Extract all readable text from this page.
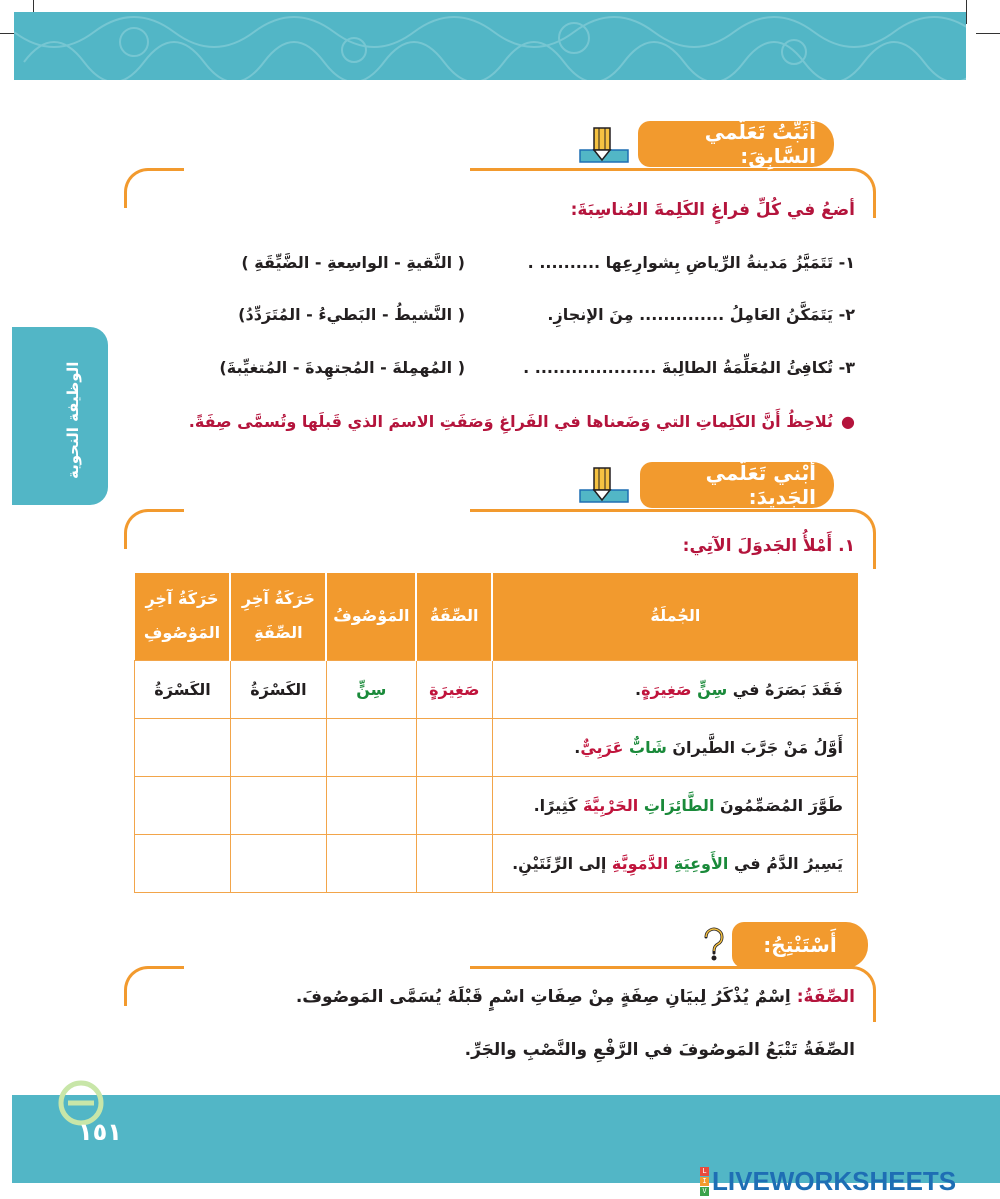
الوظيفة النحوية
أُثَبِّتُ تَعَلُّمي السَّابِقَ:
أضعُ في كُلِّ فراغٍ الكَلِمةَ المُناسِبَةَ:
١- تَتَمَيَّزُ مَدينةُ الرِّياضِ بِشوارِعِها .......... .
( النَّقيةِ - الواسِعةِ - الضَّيِّقَةِ )
٢- يَتَمَكَّنُ العَامِلُ .............. مِنَ الإنجازِ.
( النَّشيطُ - البَطيءُ - المُتَرَدِّدُ)
٣- تُكافِئُ المُعَلِّمَةُ الطالِبةَ .................... .
( المُهمِلةَ - المُجتهِدةَ - المُتغيِّبةَ)
●نُلاحِظُ أَنَّ الكَلِماتِ التي وَضَعناها في الفَراغِ وَصَفَتِ الاسمَ الذي قَبلَها وتُسمَّى صِفَةً.
أَبْني تَعَلُّمي الجَديدَ:
١. أَمْلأُ الجَدوَلَ الآتِي:
الجُملَةُ	الصِّفَةُ	المَوْصُوفُ	حَرَكَةُ آخِرِ الصِّفَةِ	حَرَكَةُ آخِرِ المَوْصُوفِ
فَقَدَ بَصَرَهُ في سِنٍّ صَغِيرَةٍ.	صَغِيرَةٍ	سِنٍّ	الكَسْرَةُ	الكَسْرَةُ
أَوَّلُ مَنْ جَرَّبَ الطَّيرانَ شَابٌّ عَرَبِيٌّ.				
طَوَّرَ المُصَمِّمُونَ الطَّائِرَاتِ الحَرْبِيَّةَ كَثِيرًا.				
يَسِيرُ الدَّمُ في الأَوعِيَةِ الدَّمَوِيَّةِ إلى الرِّئَتَيْنِ.				
أَسْتَنْتِجُ:
الصِّفَةُ: اِسْمٌ يُذْكَرُ لِبيَانِ صِفَةٍ مِنْ صِفَاتِ اسْمٍ قَبْلَهُ يُسَمَّى المَوصُوفَ.
الصِّفَةُ تَتْبَعُ المَوصُوفَ في الرَّفْعِ والنَّصْبِ والجَرِّ.
١٥١
L
I
V LIVEWORKSHEETS
